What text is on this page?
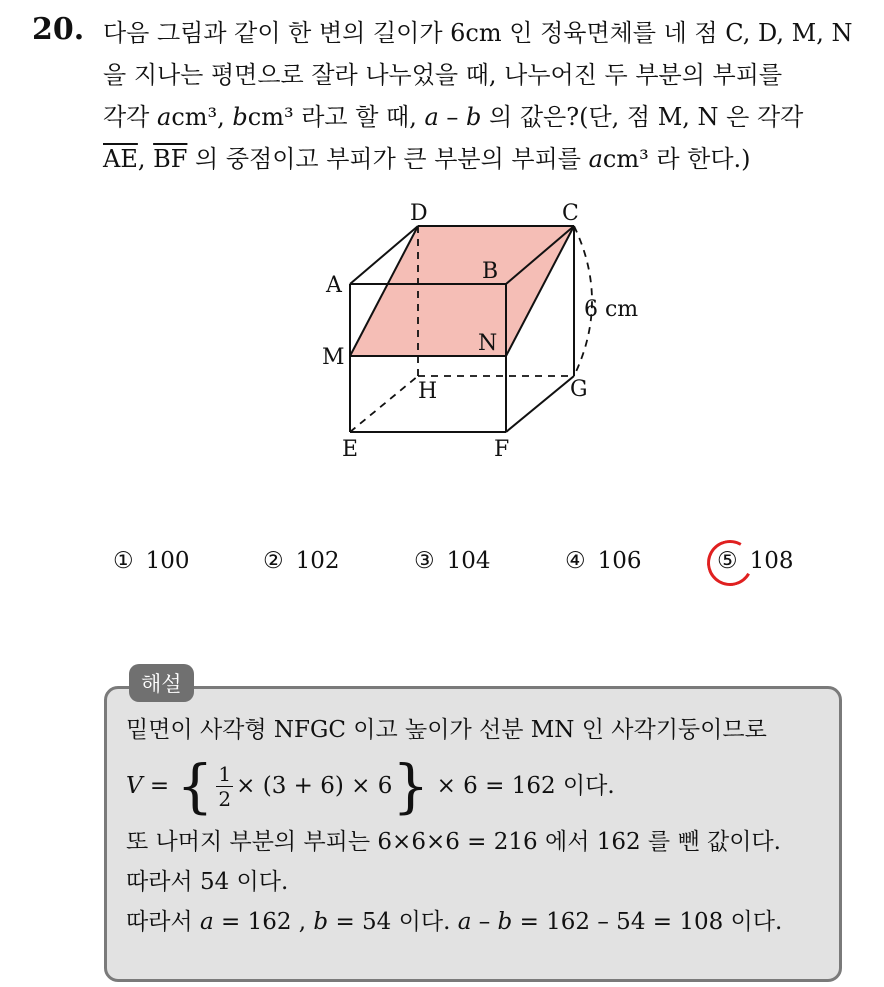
20. 다음 그림과 같이 한 변의 길이가 6cm 인 정육면체를 네 점 C, D, M, N
을 지나는 평면으로 잘라 나누었을 때, 나누어진 두 부분의 부피를
각각 acm³, bcm³ 라고 할 때, a – b 의 값은?(단, 점 M, N 은 각각
$\overline{AE}$, $\overline{BF}$ 의 중점이고 부피가 큰 부분의 부피를 acm³ 라 한다.)
D	C
A
B
M
N
H	G
E	F
6 cm
① 100	② 102	③ 104	④ 106	⑤ 108
해설
밑면이 사각형 NFGC 이고 높이가 선분 MN 인 사각기둥이므로
V =
{ $\frac{1}{2} \times (3 + 6) \times 6$ }
× 6 = 162 이다.
또 나머지 부분의 부피는 6×6×6 = 216 에서 162 를 뺀 값이다.
따라서 54 이다.
따라서 a = 162 , b = 54 이다. a – b = 162 – 54 = 108 이다.
